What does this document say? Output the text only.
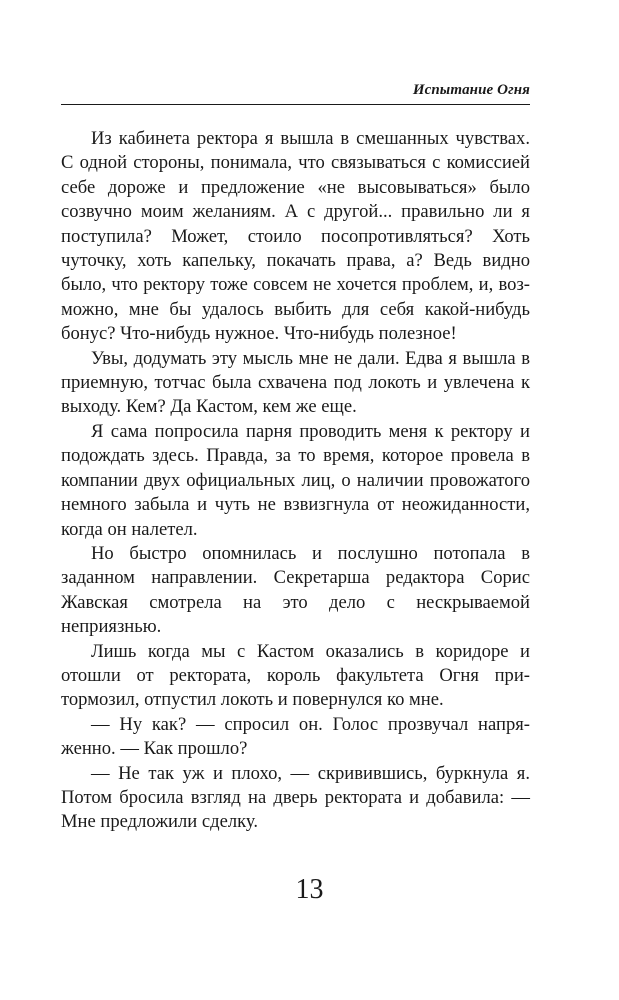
Испытание Огня

Из кабинета ректора я вышла в смешанных чувствах. С одной стороны, понимала, что связываться с комиссией себе дороже и предложение «не высовываться» было созвучно моим желаниям. А с другой... правильно ли я поступила? Может, стоило посопротивляться? Хоть чуточку, хоть капельку, покачать права, а? Ведь видно было, что ректору тоже совсем не хочется проблем, и, возможно, мне бы удалось выбить для себя какой-нибудь бонус? Что-нибудь нужное. Что-нибудь полезное!

Увы, додумать эту мысль мне не дали. Едва я вышла в приемную, тотчас была схвачена под локоть и увлечена к выходу. Кем? Да Кастом, кем же еще.

Я сама попросила парня проводить меня к ректору и подождать здесь. Правда, за то время, которое провела в компании двух официальных лиц, о наличии провожатого немного забыла и чуть не взвизгнула от неожиданности, когда он налетел.

Но быстро опомнилась и послушно потопала в заданном направлении. Секретарша редактора Сорис Жавская смотрела на это дело с нескрываемой неприязнью.

Лишь когда мы с Кастом оказались в коридоре и отошли от ректората, король факультета Огня притормозил, отпустил локоть и повернулся ко мне.

— Ну как? — спросил он. Голос прозвучал напряженно. — Как прошло?

— Не так уж и плохо, — скривившись, буркнула я. Потом бросила взгляд на дверь ректората и добавила: — Мне предложили сделку.

13
